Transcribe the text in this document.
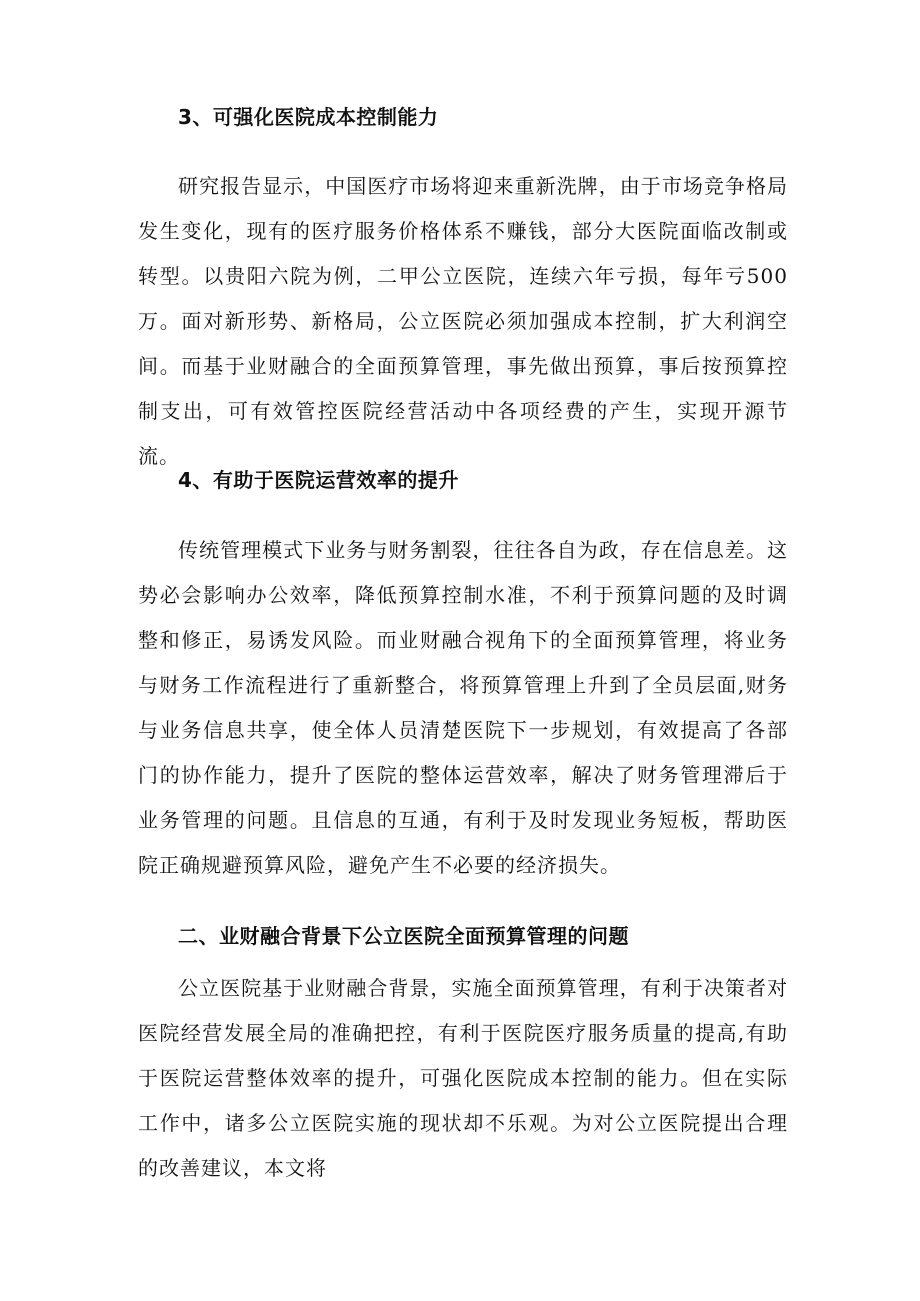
3、可强化医院成本控制能力

研究报告显示，中国医疗市场将迎来重新洗牌，由于市场竞争格局发生变化，现有的医疗服务价格体系不赚钱，部分大医院面临改制或转型。以贵阳六院为例，二甲公立医院，连续六年亏损，每年亏500万。面对新形势、新格局，公立医院必须加强成本控制，扩大利润空间。而基于业财融合的全面预算管理，事先做出预算，事后按预算控制支出，可有效管控医院经营活动中各项经费的产生，实现开源节流。

4、有助于医院运营效率的提升

传统管理模式下业务与财务割裂，往往各自为政，存在信息差。这势必会影响办公效率，降低预算控制水准，不利于预算问题的及时调整和修正，易诱发风险。而业财融合视角下的全面预算管理，将业务与财务工作流程进行了重新整合，将预算管理上升到了全员层面,财务与业务信息共享，使全体人员清楚医院下一步规划，有效提高了各部门的协作能力，提升了医院的整体运营效率，解决了财务管理滞后于业务管理的问题。且信息的互通，有利于及时发现业务短板，帮助医院正确规避预算风险，避免产生不必要的经济损失。

二、业财融合背景下公立医院全面预算管理的问题

公立医院基于业财融合背景，实施全面预算管理，有利于决策者对医院经营发展全局的准确把控，有利于医院医疗服务质量的提高,有助于医院运营整体效率的提升，可强化医院成本控制的能力。但在实际工作中，诸多公立医院实施的现状却不乐观。为对公立医院提出合理的改善建议，本文将
